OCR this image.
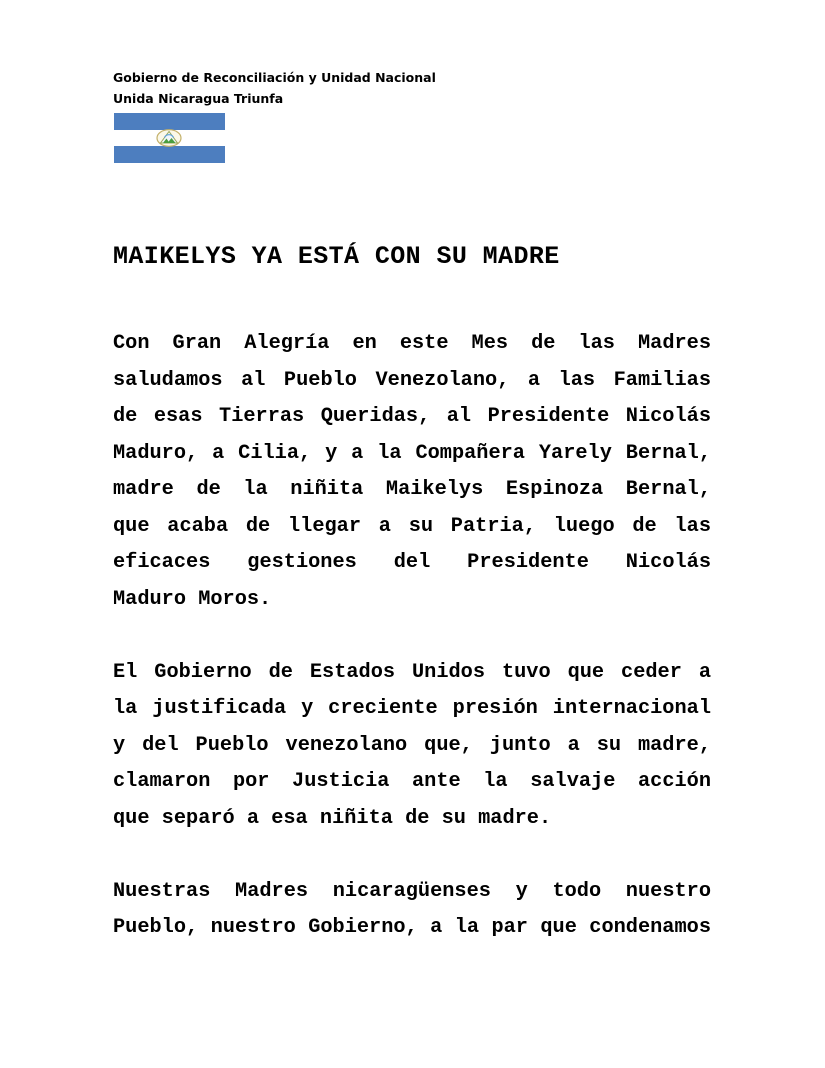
Gobierno de Reconciliación y Unidad Nacional
Unida Nicaragua Triunfa
MAIKELYS YA ESTÁ CON SU MADRE
Con Gran Alegría en este Mes de las Madres
saludamos al Pueblo Venezolano, a las Familias
de esas Tierras Queridas, al Presidente Nicolás
Maduro, a Cilia, y a la Compañera Yarely Bernal,
madre de la niñita Maikelys Espinoza Bernal,
que acaba de llegar a su Patria, luego de las
eficaces gestiones del Presidente Nicolás
Maduro Moros.
El Gobierno de Estados Unidos tuvo que ceder a
la justificada y creciente presión internacional
y del Pueblo venezolano que, junto a su madre,
clamaron por Justicia ante la salvaje acción
que separó a esa niñita de su madre.
Nuestras Madres nicaragüenses y todo nuestro
Pueblo, nuestro Gobierno, a la par que condenamos
